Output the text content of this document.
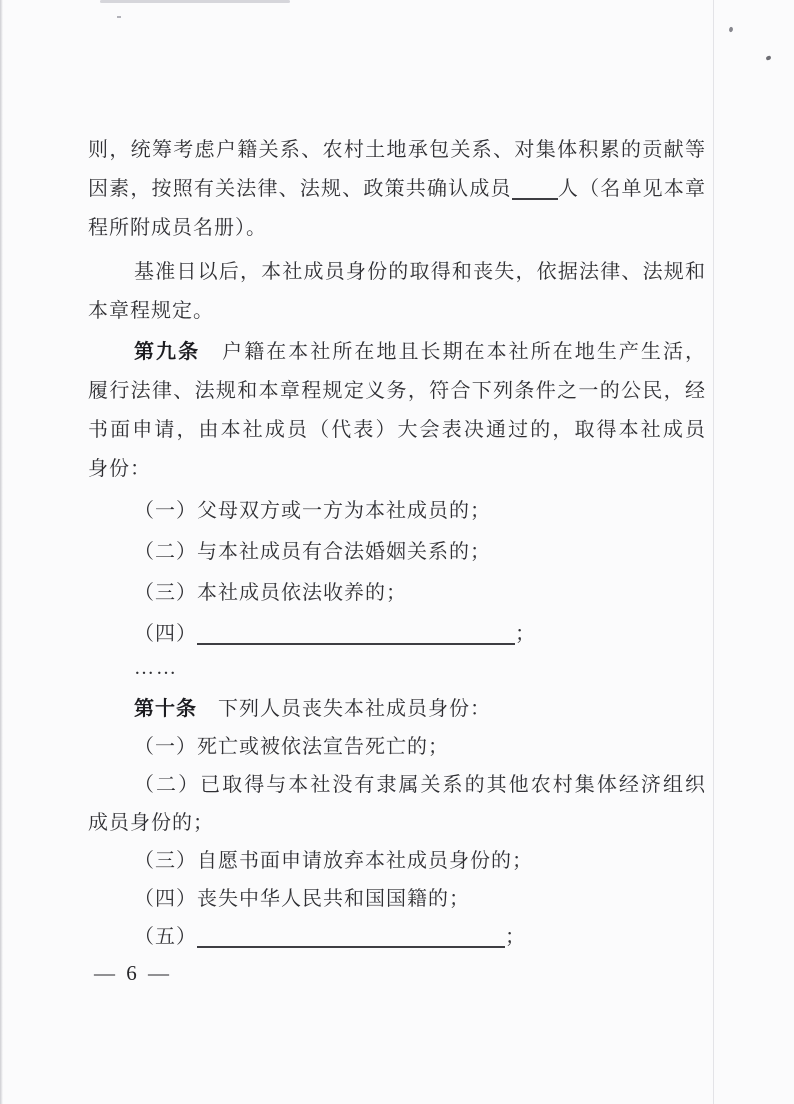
则，统筹考虑户籍关系、农村土地承包关系、对集体积累的贡献等
因素，按照有关法律、法规、政策共确认成员 人（名单见本章
程所附成员名册）。
基准日以后，本社成员身份的取得和丧失，依据法律、法规和
本章程规定。
第九条 户籍在本社所在地且长期在本社所在地生产生活，
履行法律、法规和本章程规定义务，符合下列条件之一的公民，经
书面申请，由本社成员（代表）大会表决通过的，取得本社成员
身份：
（一）父母双方或一方为本社成员的；
（二）与本社成员有合法婚姻关系的；
（三）本社成员依法收养的；
（四）	；
……
第十条 下列人员丧失本社成员身份：
（一）死亡或被依法宣告死亡的；
（二）已取得与本社没有隶属关系的其他农村集体经济组织
成员身份的；
（三）自愿书面申请放弃本社成员身份的；
（四）丧失中华人民共和国国籍的；
（五）	；
— 6 —
